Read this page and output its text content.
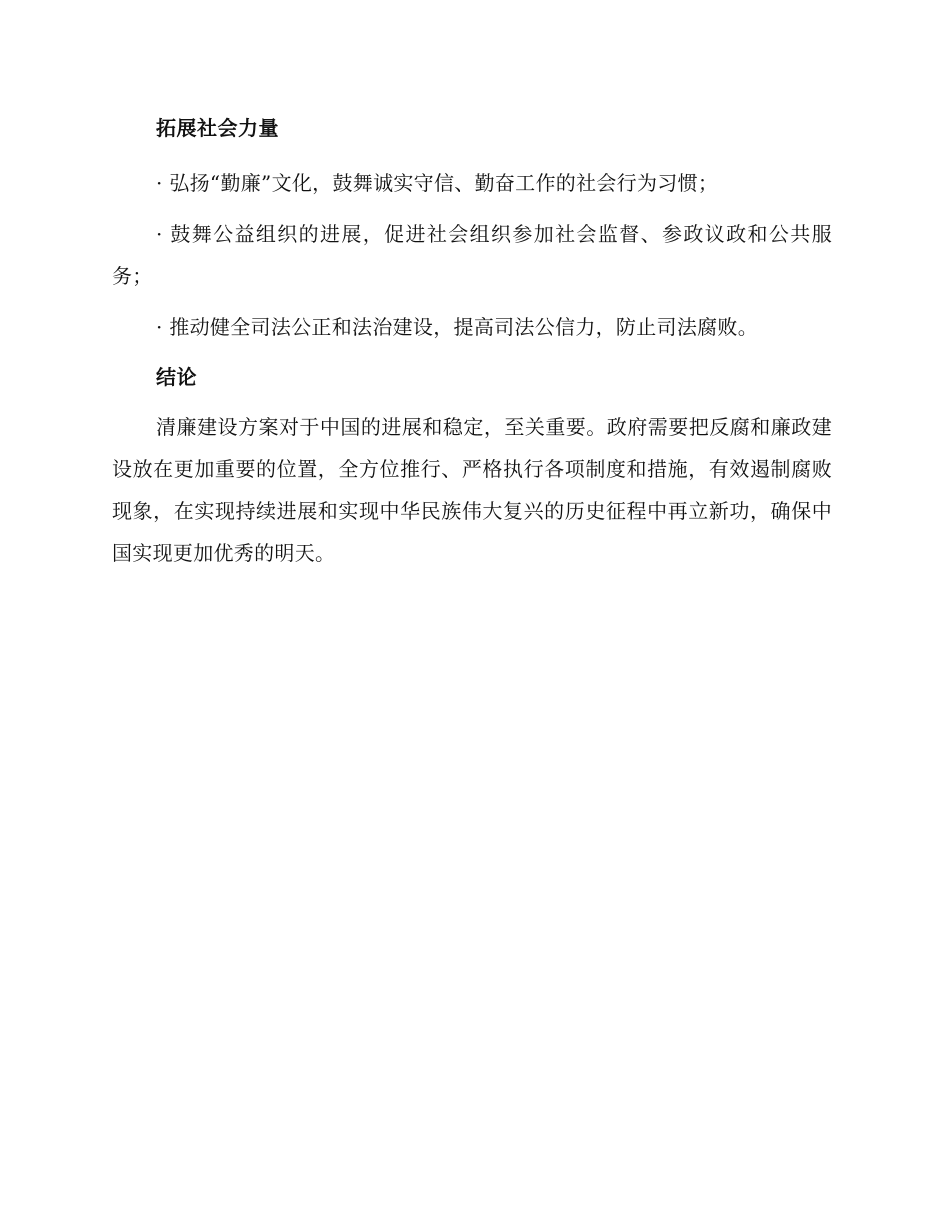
拓展社会力量

· 弘扬“勤廉”文化，鼓舞诚实守信、勤奋工作的社会行为习惯；

· 鼓舞公益组织的进展，促进社会组织参加社会监督、参政议政和公共服务；

· 推动健全司法公正和法治建设，提高司法公信力，防止司法腐败。

结论

清廉建设方案对于中国的进展和稳定，至关重要。政府需要把反腐和廉政建设放在更加重要的位置，全方位推行、严格执行各项制度和措施，有效遏制腐败现象，在实现持续进展和实现中华民族伟大复兴的历史征程中再立新功，确保中国实现更加优秀的明天。
